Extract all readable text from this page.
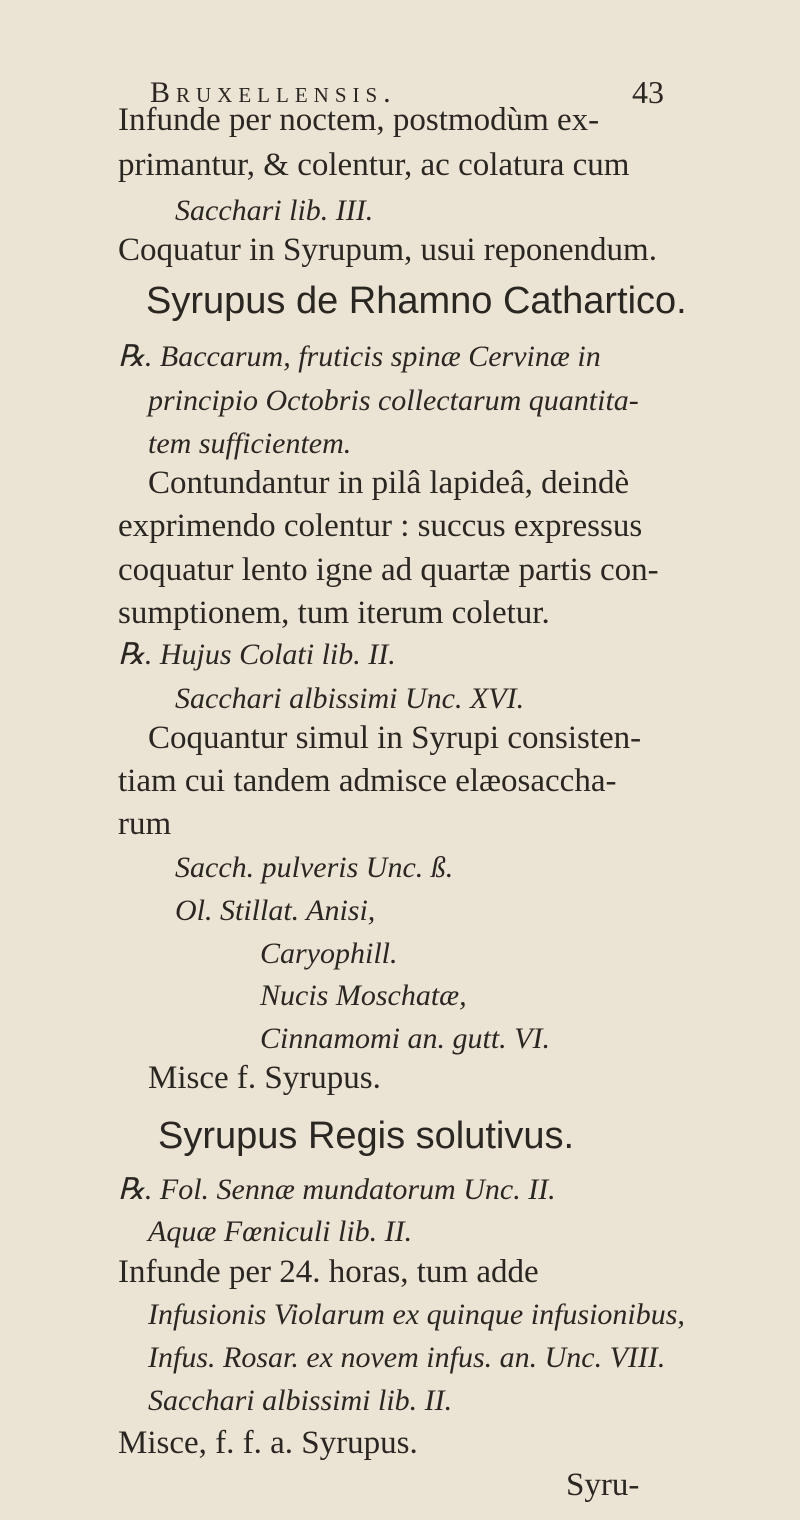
Bruxellensis.	43
Infunde per noctem, postmodùm ex-
primantur, & colentur, ac colatura cum
Sacchari lib. III.
Coquatur in Syrupum, usui reponendum.
Syrupus de Rhamno Cathartico.
℞. Baccarum, fruticis spinæ Cervinæ in
principio Octobris collectarum quantita-
tem sufficientem.
Contundantur in pilâ lapideâ, deindè
exprimendo colentur : succus expressus
coquatur lento igne ad quartæ partis con-
sumptionem, tum iterum coletur.
℞. Hujus Colati lib. II.
Sacchari albissimi Unc. XVI.
Coquantur simul in Syrupi consisten-
tiam cui tandem admisce elæosaccha-
rum
Sacch. pulveris Unc. ß.
Ol. Stillat. Anisi,
Caryophill.
Nucis Moschatæ,
Cinnamomi an. gutt. VI.
Misce f. Syrupus.
Syrupus Regis solutivus.
℞. Fol. Sennæ mundatorum Unc. II.
Aquæ Fœniculi lib. II.
Infunde per 24. horas, tum adde
Infusionis Violarum ex quinque infusionibus,
Infus. Rosar. ex novem infus. an. Unc. VIII.
Sacchari albissimi lib. II.
Misce, f. f. a. Syrupus.
Syru-
